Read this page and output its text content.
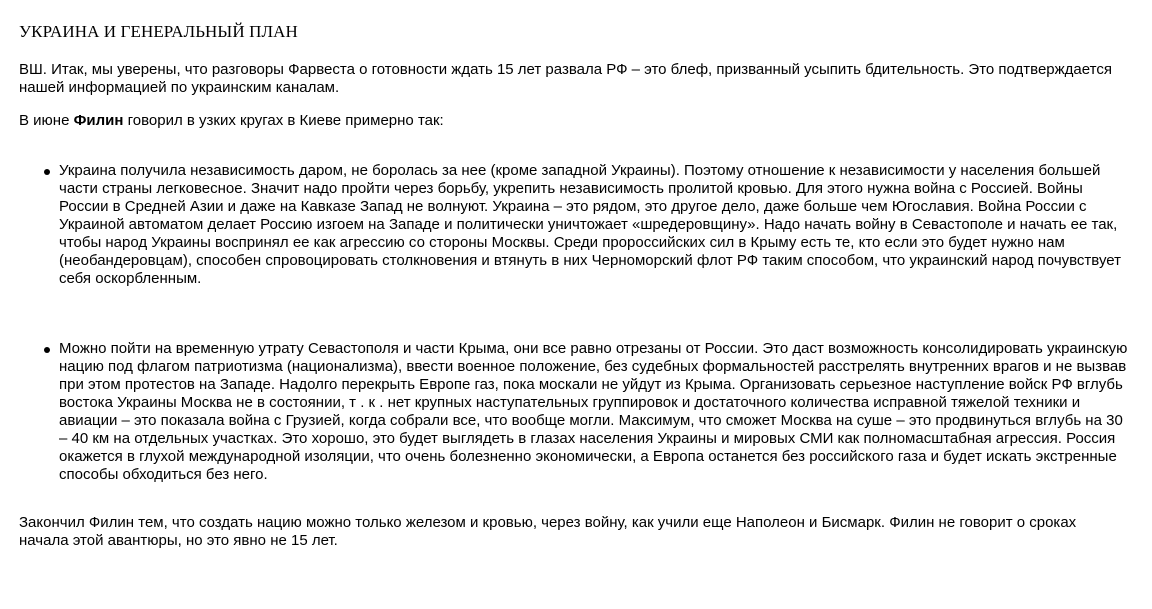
УКРАИНА И ГЕНЕРАЛЬНЫЙ ПЛАН

ВШ. Итак, мы уверены, что разговоры Фарвеста о готовности ждать 15 лет развала РФ – это блеф, призванный усыпить бдительность. Это подтверждается нашей информацией по украинским каналам.

В июне Филин говорил в узких кругах в Киеве примерно так:

Украина получила независимость даром, не боролась за нее (кроме западной Украины). Поэтому отношение к независимости у населения большей части страны легковесное. Значит надо пройти через борьбу, укрепить независимость пролитой кровью. Для этого нужна война с Россией. Войны России в Средней Азии и даже на Кавказе Запад не волнуют. Украина – это рядом, это другое дело, даже больше чем Югославия. Война России с Украиной автоматом делает Россию изгоем на Западе и политически уничтожает «шредеровщину». Надо начать войну в Севастополе и начать ее так, чтобы народ Украины воспринял ее как агрессию со стороны Москвы. Среди пророссийских сил в Крыму есть те, кто если это будет нужно нам (необандеровцам), способен спровоцировать столкновения и втянуть в них Черноморский флот РФ таким способом, что украинский народ почувствует себя оскорбленным.
Можно пойти на временную утрату Севастополя и части Крыма, они все равно отрезаны от России. Это даст возможность консолидировать украинскую нацию под флагом патриотизма (национализма), ввести военное положение, без судебных формальностей расстрелять внутренних врагов и не вызвав при этом протестов на Западе. Надолго перекрыть Европе газ, пока москали не уйдут из Крыма. Организовать серьезное наступление войск РФ вглубь востока Украины Москва не в состоянии, т . к . нет крупных наступательных группировок и достаточного количества исправной тяжелой техники и авиации – это показала война с Грузией, когда собрали все, что вообще могли. Максимум, что сможет Москва на суше – это продвинуться вглубь на 30 – 40 км на отдельных участках. Это хорошо, это будет выглядеть в глазах населения Украины и мировых СМИ как полномасштабная агрессия. Россия окажется в глухой международной изоляции, что очень болезненно экономически, а Европа останется без российского газа и будет искать экстренные способы обходиться без него.

Закончил Филин тем, что создать нацию можно только железом и кровью, через войну, как учили еще Наполеон и Бисмарк. Филин не говорит о сроках начала этой авантюры, но это явно не 15 лет.
